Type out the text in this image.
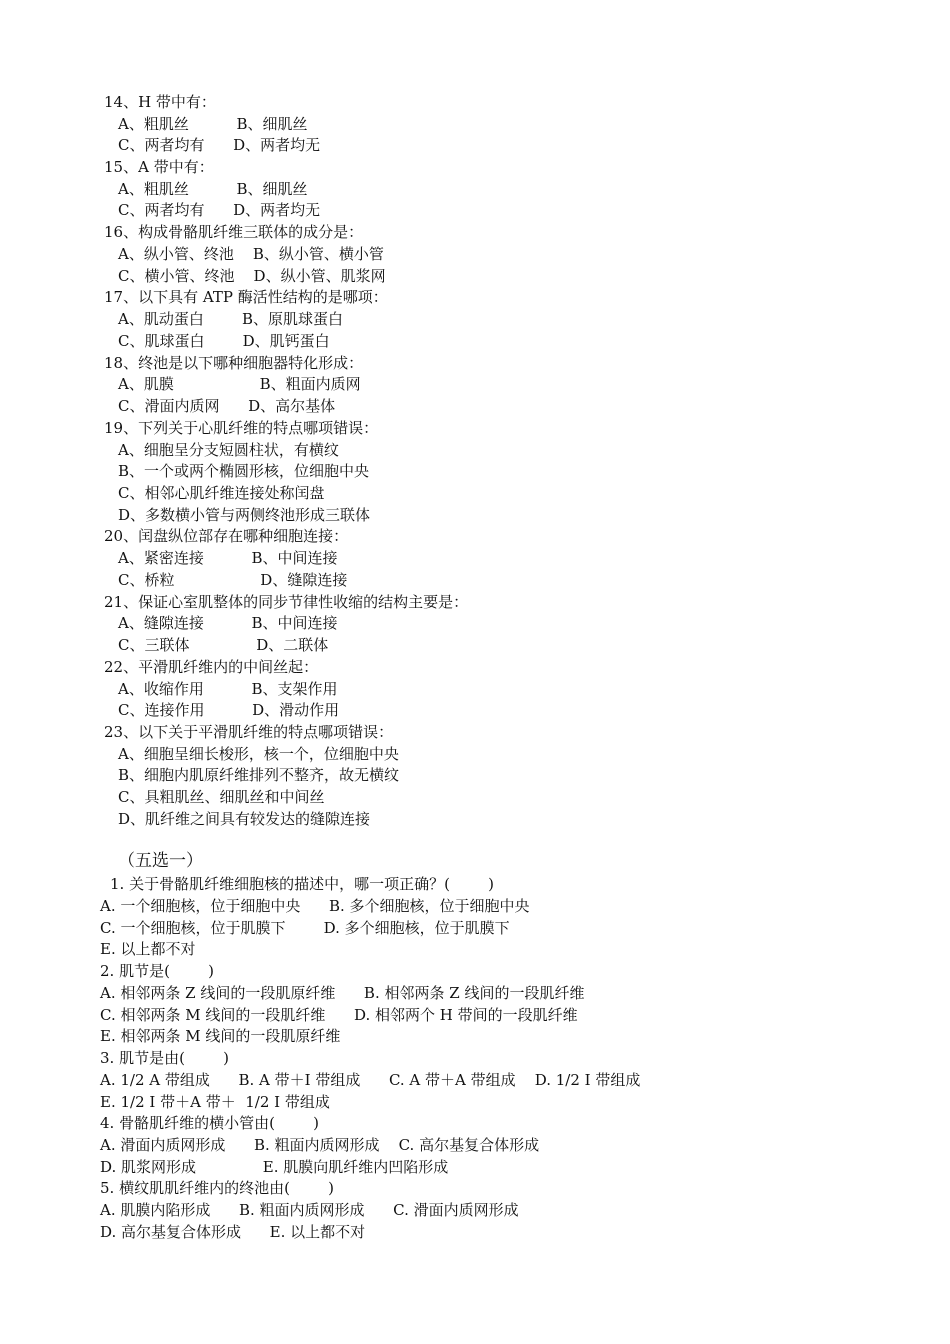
14、H 带中有：
A、粗肌丝          B、细肌丝
C、两者均有      D、两者均无
15、A 带中有：
A、粗肌丝          B、细肌丝
C、两者均有      D、两者均无
16、构成骨骼肌纤维三联体的成分是：
A、纵小管、终池    B、纵小管、横小管
C、横小管、终池    D、纵小管、肌浆网
17、以下具有 ATP 酶活性结构的是哪项：
A、肌动蛋白        B、原肌球蛋白
C、肌球蛋白        D、肌钙蛋白
18、终池是以下哪种细胞器特化形成：
A、肌膜                  B、粗面内质网
C、滑面内质网      D、高尔基体
19、下列关于心肌纤维的特点哪项错误：
A、细胞呈分支短圆柱状，有横纹
B、一个或两个椭圆形核，位细胞中央
C、相邻心肌纤维连接处称闰盘
D、多数横小管与两侧终池形成三联体
20、闰盘纵位部存在哪种细胞连接：
A、紧密连接          B、中间连接
C、桥粒                  D、缝隙连接
21、保证心室肌整体的同步节律性收缩的结构主要是：
A、缝隙连接          B、中间连接
C、三联体              D、二联体
22、平滑肌纤维内的中间丝起：
A、收缩作用          B、支架作用
C、连接作用          D、滑动作用
23、以下关于平滑肌纤维的特点哪项错误：
A、细胞呈细长梭形，核一个，位细胞中央
B、细胞内肌原纤维排列不整齐，故无横纹
C、具粗肌丝、细肌丝和中间丝
D、肌纤维之间具有较发达的缝隙连接
（五选一）
1. 关于骨骼肌纤维细胞核的描述中，哪一项正确？(        )
A. 一个细胞核，位于细胞中央      B. 多个细胞核，位于细胞中央
C. 一个细胞核，位于肌膜下        D. 多个细胞核，位于肌膜下
E. 以上都不对
2. 肌节是(        )
A. 相邻两条 Z 线间的一段肌原纤维      B. 相邻两条 Z 线间的一段肌纤维
C. 相邻两条 M 线间的一段肌纤维      D. 相邻两个 H 带间的一段肌纤维
E. 相邻两条 M 线间的一段肌原纤维
3. 肌节是由(        )
A. 1/2 A 带组成      B. A 带＋I 带组成      C. A 带＋A 带组成    D. 1/2 I 带组成
E. 1/2 I 带＋A 带＋  1/2 I 带组成
4. 骨骼肌纤维的横小管由(        )
A. 滑面内质网形成      B. 粗面内质网形成    C. 高尔基复合体形成
D. 肌浆网形成              E. 肌膜向肌纤维内凹陷形成
5. 横纹肌肌纤维内的终池由(        )
A. 肌膜内陷形成      B. 粗面内质网形成      C. 滑面内质网形成
D. 高尔基复合体形成      E. 以上都不对
